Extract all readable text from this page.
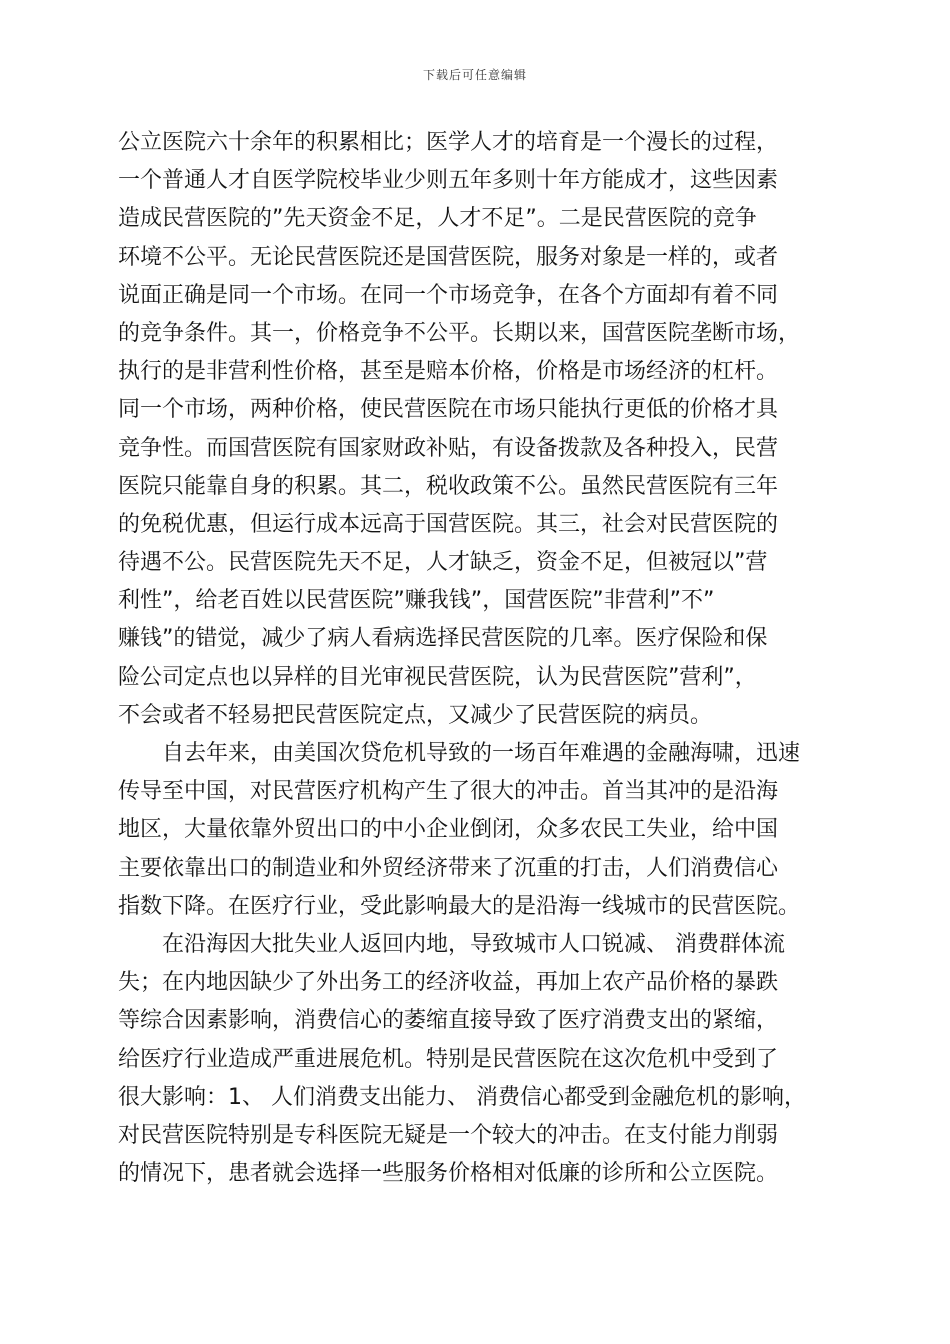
下载后可任意编辑
公立医院六十余年的积累相比；医学人才的培育是一个漫长的过程，
一个普通人才自医学院校毕业少则五年多则十年方能成才，这些因素
造成民营医院的”先天资金不足，人才不足”。二是民营医院的竞争
环境不公平。无论民营医院还是国营医院，服务对象是一样的，或者
说面正确是同一个市场。在同一个市场竞争，在各个方面却有着不同
的竞争条件。其一，价格竞争不公平。长期以来，国营医院垄断市场，
执行的是非营利性价格，甚至是赔本价格，价格是市场经济的杠杆。
同一个市场，两种价格，使民营医院在市场只能执行更低的价格才具
竞争性。而国营医院有国家财政补贴，有设备拨款及各种投入，民营
医院只能靠自身的积累。其二，税收政策不公。虽然民营医院有三年
的免税优惠，但运行成本远高于国营医院。其三，社会对民营医院的
待遇不公。民营医院先天不足，人才缺乏，资金不足，但被冠以”营
利性”，给老百姓以民营医院”赚我钱”，国营医院”非营利”不”
赚钱”的错觉，减少了病人看病选择民营医院的几率。医疗保险和保
险公司定点也以异样的目光审视民营医院，认为民营医院”营利”，
不会或者不轻易把民营医院定点，又减少了民营医院的病员。
自去年来，由美国次贷危机导致的一场百年难遇的金融海啸，迅速
传导至中国，对民营医疗机构产生了很大的冲击。首当其冲的是沿海
地区，大量依靠外贸出口的中小企业倒闭，众多农民工失业，给中国
主要依靠出口的制造业和外贸经济带来了沉重的打击，人们消费信心
指数下降。在医疗行业，受此影响最大的是沿海一线城市的民营医院。
在沿海因大批失业人返回内地，导致城市人口锐减、 消费群体流
失；在内地因缺少了外出务工的经济收益，再加上农产品价格的暴跌
等综合因素影响，消费信心的萎缩直接导致了医疗消费支出的紧缩，
给医疗行业造成严重进展危机。特别是民营医院在这次危机中受到了
很大影响：1、 人们消费支出能力、 消费信心都受到金融危机的影响，
对民营医院特别是专科医院无疑是一个较大的冲击。在支付能力削弱
的情况下，患者就会选择一些服务价格相对低廉的诊所和公立医院。
